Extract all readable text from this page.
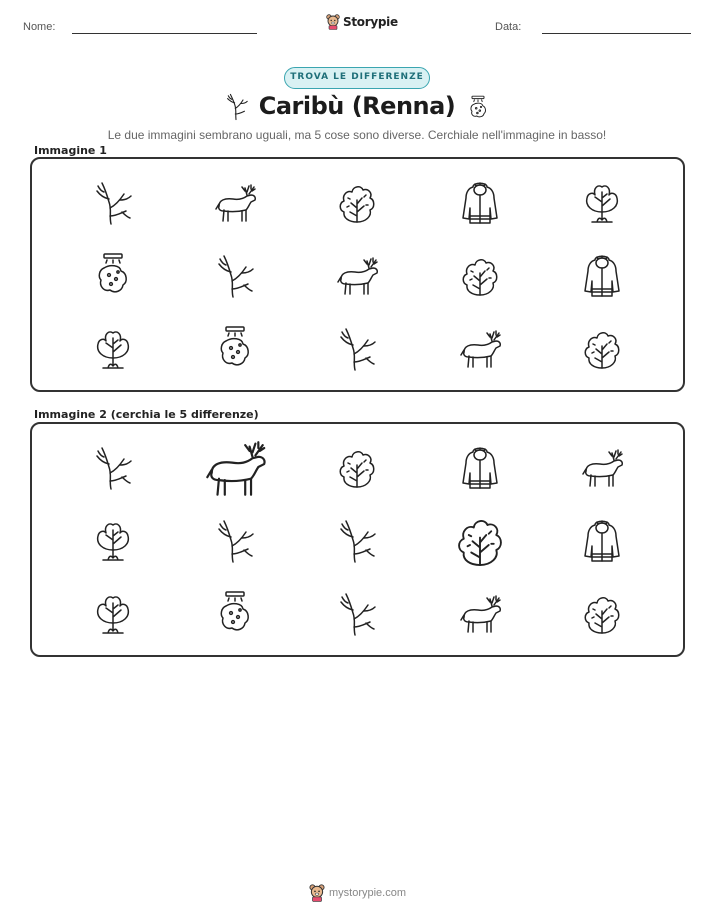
Nome:	Storypie	Data:
TROVA LE DIFFERENZE
Caribù (Renna)
Le due immagini sembrano uguali, ma 5 cose sono diverse. Cerchiale nell'immagine in basso!
Immagine 1
Immagine 2 (cerchia le 5 differenze)
mystorypie.com
